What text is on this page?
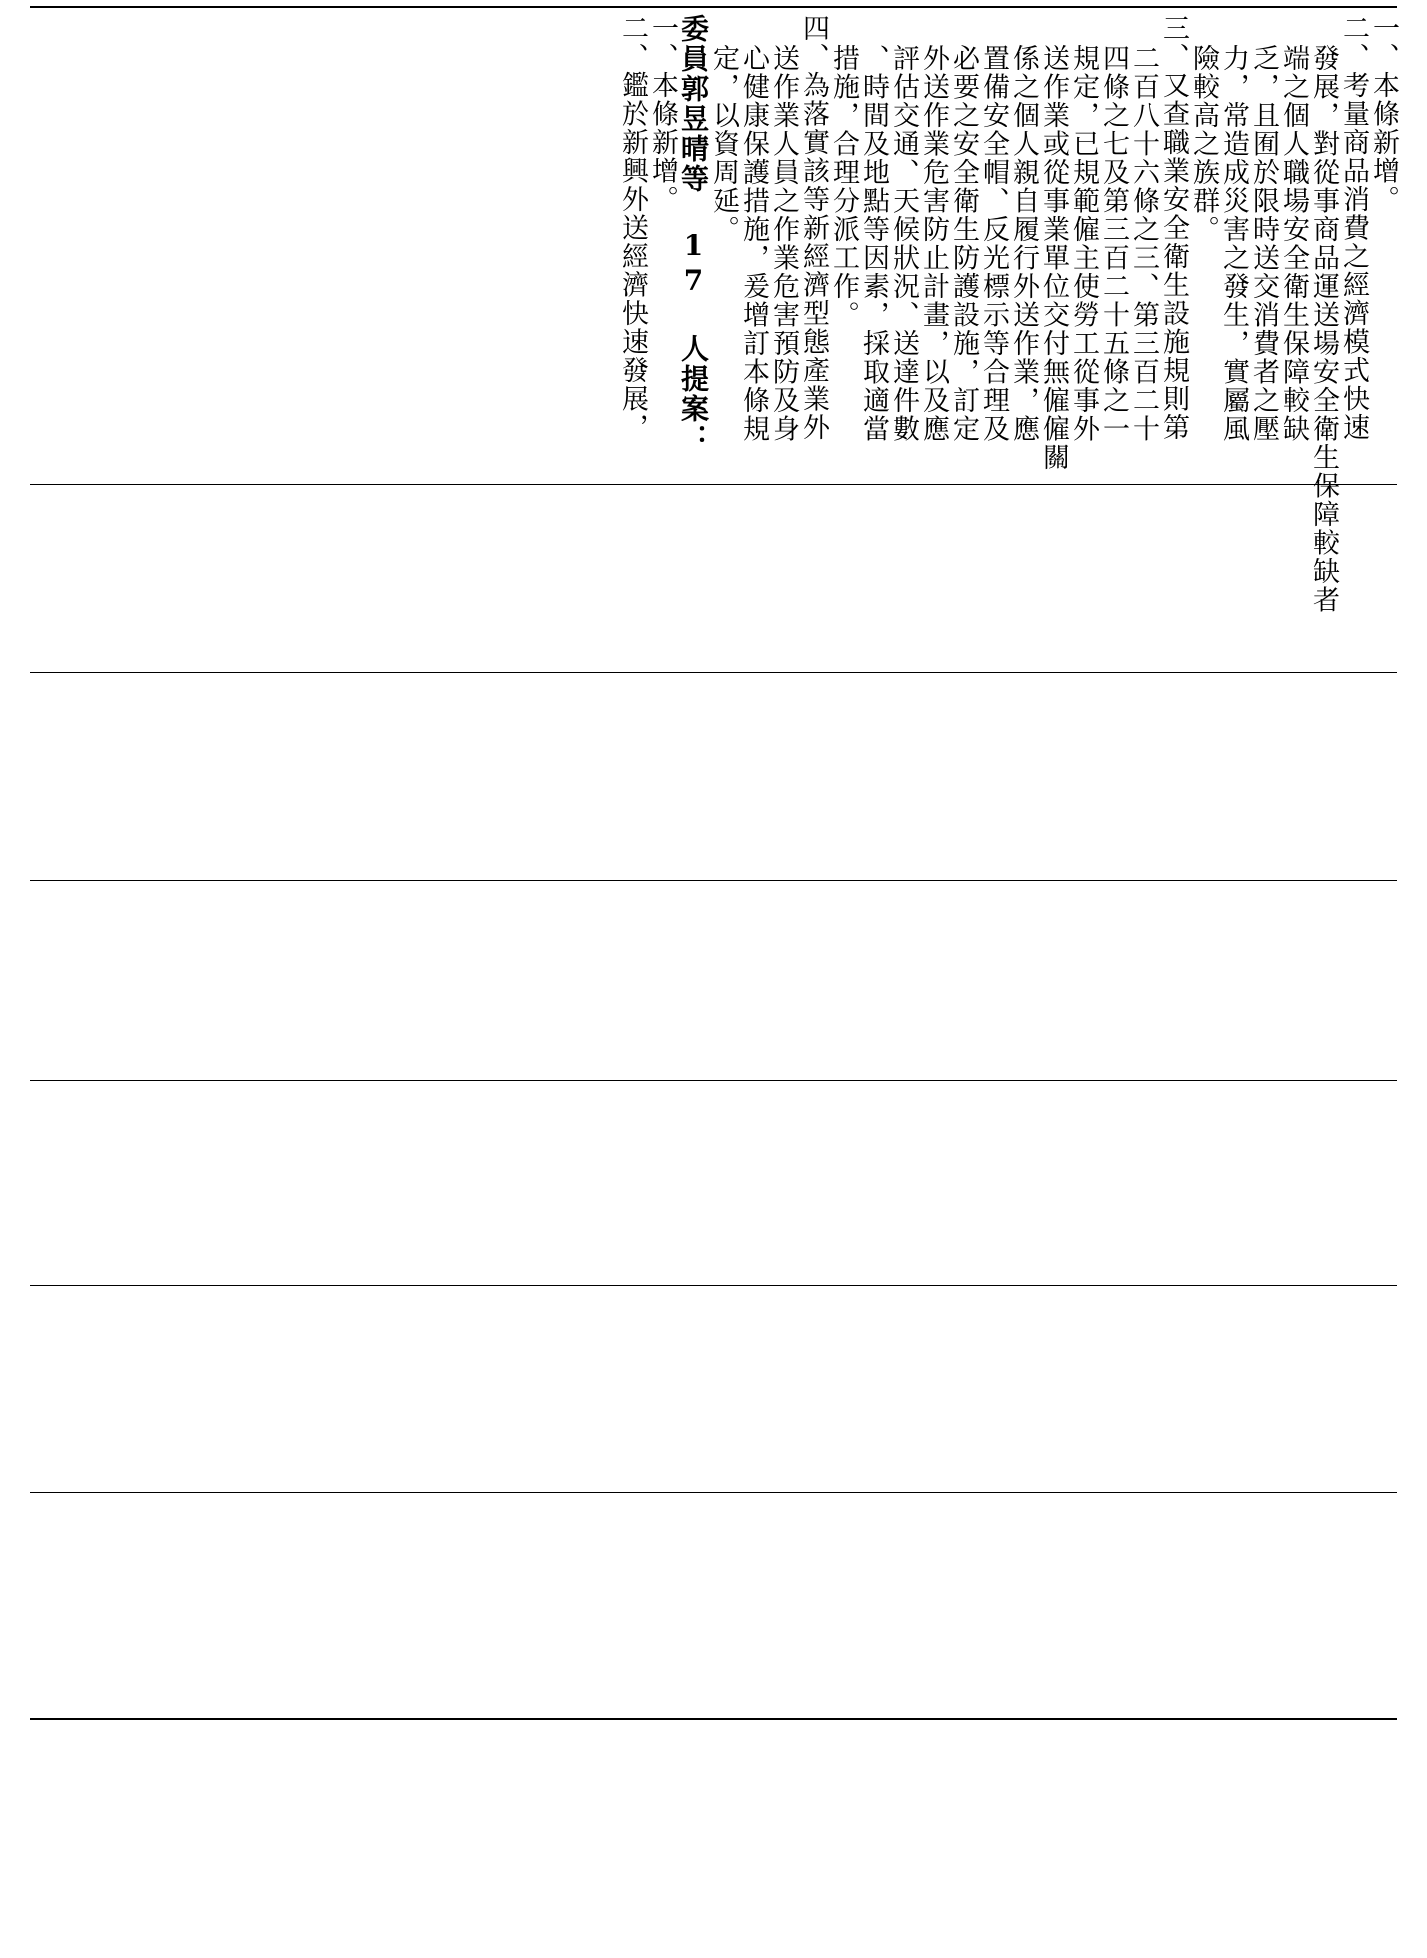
一、本條新增。
二、考量商品消費之經濟模式快速
發展，對從事商品運送場安全衛生保障較缺者
端之個人職場安全衛生保障較缺
乏，且囿於限時送交消費者之壓
力，常造成災害之發生，實屬風
險較高之族群。
三、又查職業安全衛生設施規則第
二百八十六條之三、第三百二十
四條之七及第三百二十五條之一
規定，已規範僱主使勞工從事外
送作業或從事業單位交付無僱僱關
係之個人親自履行外送作業，應
置備安全帽、反光標示等合理及
必要之安全衛生防護設施，訂定
外送作業危害防止計畫，以及應
評估交通、天候狀況、送達件數
、時間及地點等因素，採取適當
措施，合理分派工作。
四、為落實該等新經濟型態產業外
送作業人員之作業危害預防及身
心健康保護措施，爰增訂本條規
定，以資周延。
委員郭昱晴等 17 人提案：
一、本條新增。
二、鑑於新興外送經濟快速發展，
